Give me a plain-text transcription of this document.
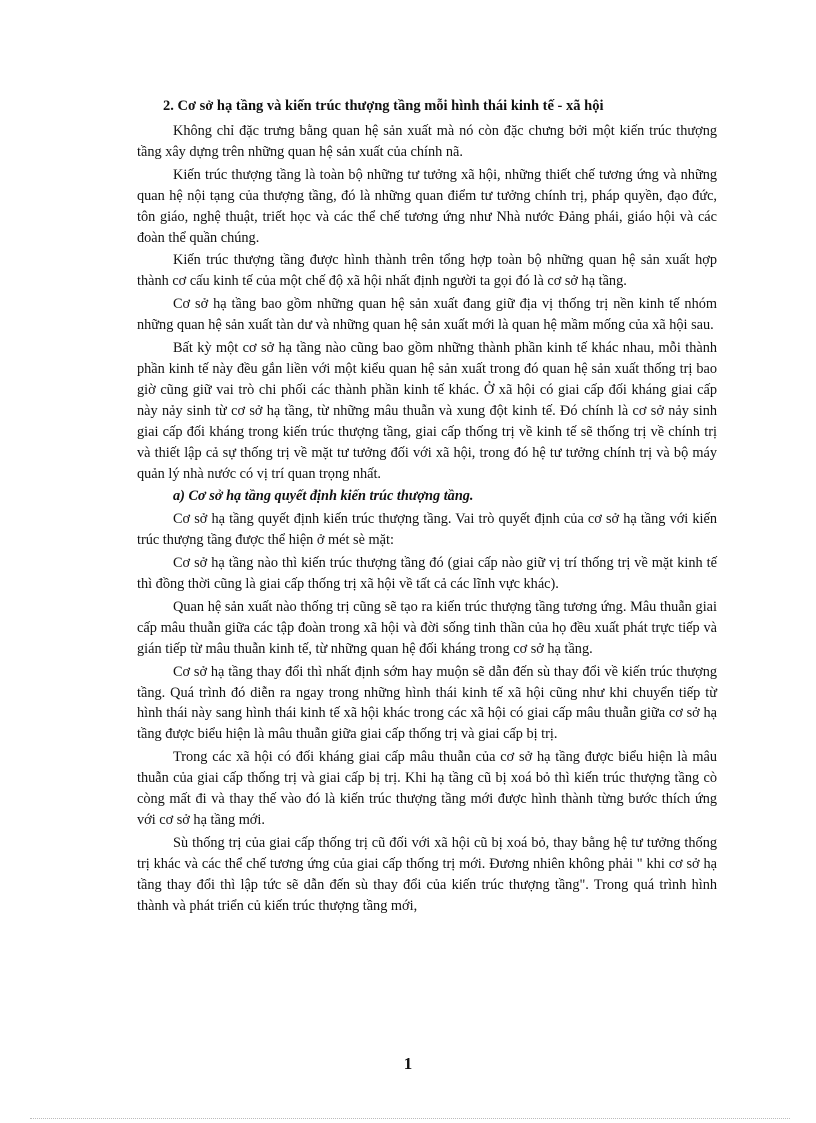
2. Cơ sở hạ tầng và kiến trúc thượng tầng mỗi hình thái kinh tế - xã hội

Không chỉ đặc trưng bằng quan hệ sản xuất mà nó còn đặc chưng bởi một kiến trúc thượng tầng xây dựng trên những quan hệ sản xuất của chính nã.

Kiến trúc thượng tầng là toàn bộ những tư tưởng xã hội, những thiết chế tương ứng và những quan hệ nội tạng của thượng tầng, đó là những quan điểm tư tưởng chính trị, pháp quyền, đạo đức, tôn giáo, nghệ thuật, triết học và các thể chế tương ứng như Nhà nước Đảng phái, giáo hội và các đoàn thể quần chúng.

Kiến trúc thượng tầng được hình thành trên tổng hợp toàn bộ những quan hệ sản xuất hợp thành cơ cấu kinh tế của một chế độ xã hội nhất định người ta gọi đó là cơ sở hạ tầng.

Cơ sở hạ tầng bao gồm những quan hệ sản xuất đang giữ địa vị thống trị nền kinh tế nhóm những quan hệ sản xuất tàn dư và những quan hệ sản xuất mới là quan hệ mầm mống của xã hội sau.

Bất kỳ một cơ sở hạ tầng nào cũng bao gồm những thành phần kinh tế khác nhau, mỗi thành phần kinh tế này đều gắn liền với một kiểu quan hệ sản xuất trong đó quan hệ sản xuất thống trị bao giờ cũng giữ vai trò chi phối các thành phần kinh tế khác. Ở xã hội có giai cấp đối kháng giai cấp này nảy sinh từ cơ sở hạ tầng, từ những mâu thuẫn và xung đột kinh tế. Đó chính là cơ sở nảy sinh giai cấp đối kháng trong kiến trúc thượng tầng, giai cấp thống trị về kinh tế sẽ thống trị về chính trị và thiết lập cả sự thống trị về mặt tư tưởng đối với xã hội, trong đó hệ tư tưởng chính trị và bộ máy quản lý nhà nước có vị trí quan trọng nhất.

a) Cơ sở hạ tầng quyết định kiến trúc thượng tầng.

Cơ sở hạ tầng quyết định kiến trúc thượng tầng. Vai trò quyết định của cơ sở hạ tầng với kiến trúc thượng tầng được thể hiện ở mét sè mặt:

Cơ sở hạ tầng nào thì kiến trúc thượng tầng đó (giai cấp nào giữ vị trí thống trị về mặt kinh tế thì đồng thời cũng là giai cấp thống trị xã hội về tất cả các lĩnh vực khác).

Quan hệ sản xuất nào thống trị cũng sẽ tạo ra kiến trúc thượng tầng tương ứng. Mâu thuẫn giai cấp mâu thuẫn giữa các tập đoàn trong xã hội và đời sống tinh thần của họ đều xuất phát trực tiếp và gián tiếp từ mâu thuẫn kinh tế, từ những quan hệ đối kháng trong cơ sở hạ tầng.

Cơ sở hạ tầng thay đổi thì nhất định sớm hay muộn sẽ dẫn đến sù thay đổi về kiến trúc thượng tầng. Quá trình đó diễn ra ngay trong những hình thái kinh tế xã hội cũng như khi chuyển tiếp từ hình thái này sang hình thái kinh tế xã hội khác trong các xã hội có giai cấp mâu thuẫn giữa cơ sở hạ tầng được biểu hiện là mâu thuẫn giữa giai cấp thống trị và giai cấp bị trị.

Trong các xã hội có đối kháng giai cấp mâu thuẫn của cơ sở hạ tầng được biểu hiện là mâu thuẫn của giai cấp thống trị và giai cấp bị trị. Khi hạ tầng cũ bị xoá bỏ thì kiến trúc thượng tầng cò còng mất đi và thay thế vào đó là kiến trúc thượng tầng mới được hình thành từng bước thích ứng với cơ sở hạ tầng mới.

Sù thống trị của giai cấp thống trị cũ đối với xã hội cũ bị xoá bỏ, thay bằng hệ tư tưởng thống trị khác và các thể chế tương ứng của giai cấp thống trị mới. Đương nhiên không phải " khi cơ sở hạ tầng thay đổi thì lập tức sẽ dẫn đến sù thay đổi của kiến trúc thượng tầng". Trong quá trình hình thành và phát triển củ kiến trúc thượng tầng mới,

1
